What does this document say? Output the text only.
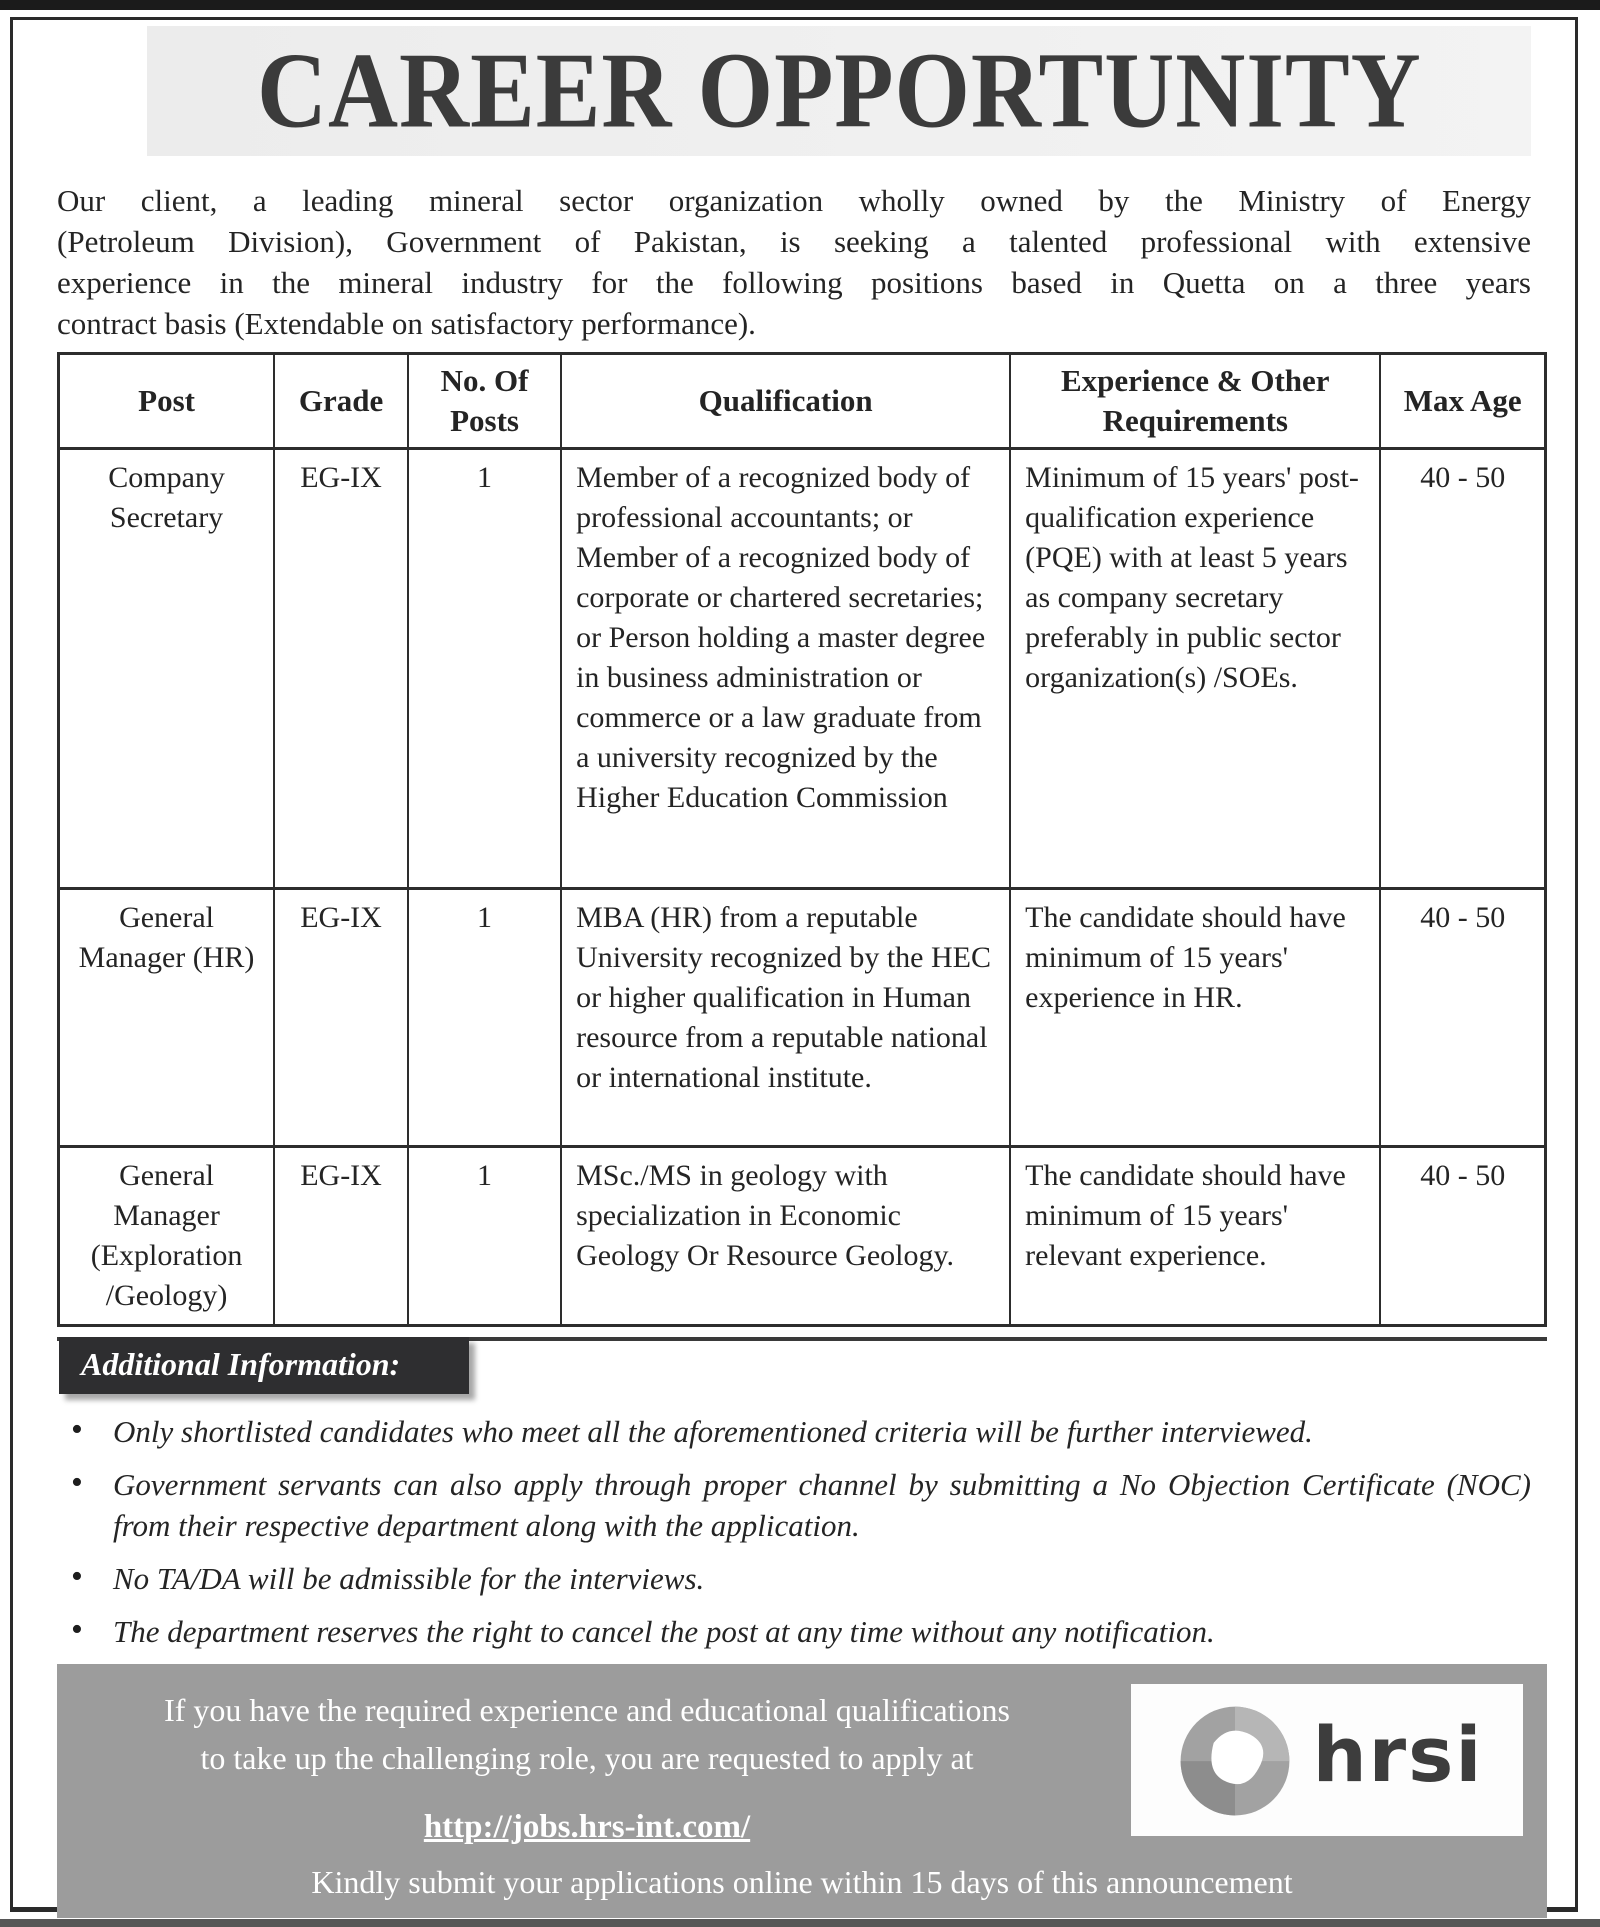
CAREER OPPORTUNITY
Our client, a leading mineral sector organization wholly owned by the Ministry of Energy
(Petroleum Division), Government of Pakistan, is seeking a talented professional with extensive
experience in the mineral industry for the following positions based in Quetta on a three years
contract basis (Extendable on satisfactory performance).
Post	Grade	No. Of Posts	Qualification	Experience & Other Requirements	Max Age
Company Secretary	EG-IX	1	Member of a recognized body of professional accountants; or Member of a recognized body of corporate or chartered secretaries; or Person holding a master degree in business administration or commerce or a law graduate from a university recognized by the Higher Education Commission	Minimum of 15 years' post-qualification experience (PQE) with at least 5 years as company secretary preferably in public sector organization(s) /SOEs.	40 - 50
General Manager (HR)	EG-IX	1	MBA (HR) from a reputable University recognized by the HEC or higher qualification in Human resource from a reputable national or international institute.	The candidate should have minimum of 15 years' experience in HR.	40 - 50
General Manager (Exploration /Geology)	EG-IX	1	MSc./MS in geology with specialization in Economic Geology Or Resource Geology.	The candidate should have minimum of 15 years' relevant experience.	40 - 50
Additional Information:
• Only shortlisted candidates who meet all the aforementioned criteria will be further interviewed.
• Government servants can also apply through proper channel by submitting a No Objection Certificate (NOC) from their respective department along with the application.
• No TA/DA will be admissible for the interviews.
• The department reserves the right to cancel the post at any time without any notification.
If you have the required experience and educational qualifications
to take up the challenging role, you are requested to apply at
http://jobs.hrs-int.com/
hrsi
Kindly submit your applications online within 15 days of this announcement
